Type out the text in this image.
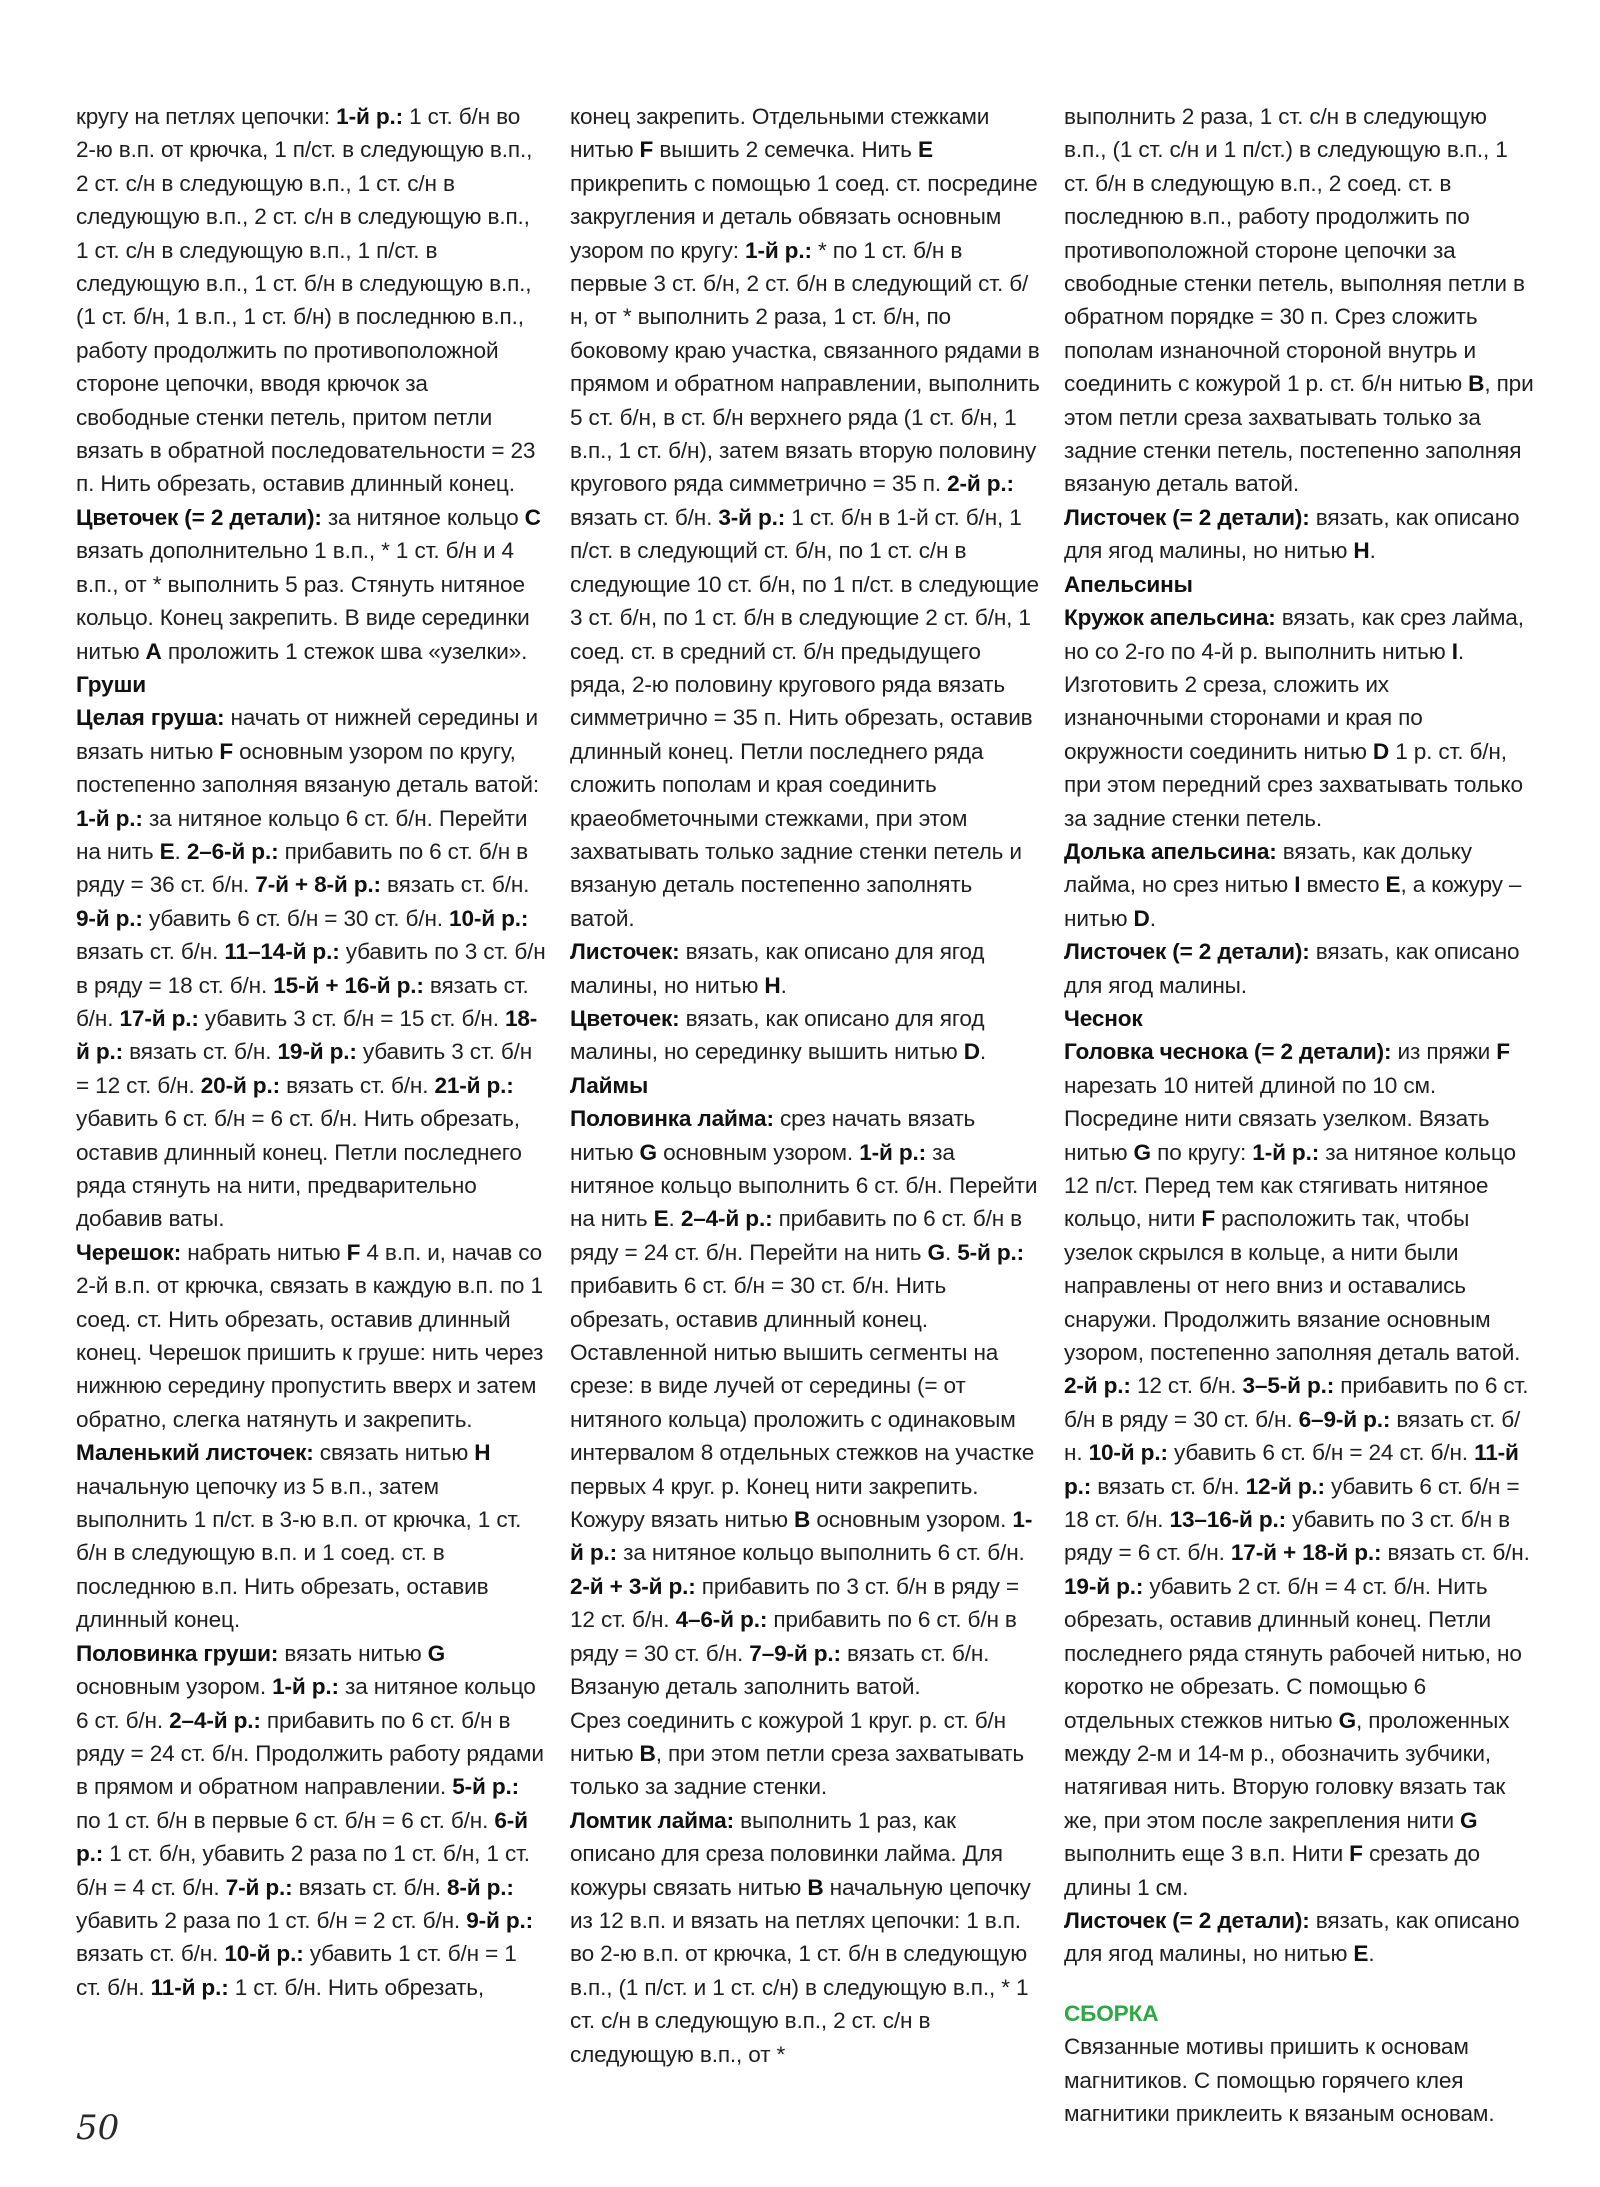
кругу на петлях цепочки: 1-й р.: 1 ст. б/н во 2-ю в.п. от крючка, 1 п/ст. в следующую в.п., 2 ст. с/н в следующую в.п., 1 ст. с/н в следующую в.п., 2 ст. с/н в следующую в.п., 1 ст. с/н в следующую в.п., 1 п/ст. в следующую в.п., 1 ст. б/н в следующую в.п., (1 ст. б/н, 1 в.п., 1 ст. б/н) в последнюю в.п., работу продолжить по противоположной стороне цепочки, вводя крючок за свободные стенки петель, притом петли вязать в обратной последовательности = 23 п. Нить обрезать, оставив длинный конец.

Цветочек (= 2 детали): за нитяное кольцо C вязать дополнительно 1 в.п., * 1 ст. б/н и 4 в.п., от * выполнить 5 раз. Стянуть нитяное кольцо. Конец закрепить. В виде серединки нитью A проложить 1 стежок шва «узелки».

Груши

Целая груша: начать от нижней середины и вязать нитью F основным узором по кругу, постепенно заполняя вязаную деталь ватой: 1-й р.: за нитяное кольцо 6 ст. б/н. Перейти на нить E. 2–6-й р.: прибавить по 6 ст. б/н в ряду = 36 ст. б/н. 7-й + 8-й р.: вязать ст. б/н. 9-й р.: убавить 6 ст. б/н = 30 ст. б/н. 10-й р.: вязать ст. б/н. 11–14-й р.: убавить по 3 ст. б/н в ряду = 18 ст. б/н. 15-й + 16-й р.: вязать ст. б/н. 17-й р.: убавить 3 ст. б/н = 15 ст. б/н. 18-й р.: вязать ст. б/н. 19-й р.: убавить 3 ст. б/н = 12 ст. б/н. 20-й р.: вязать ст. б/н. 21-й р.: убавить 6 ст. б/н = 6 ст. б/н. Нить обрезать, оставив длинный конец. Петли последнего ряда стянуть на нити, предварительно добавив ваты.

Черешок: набрать нитью F 4 в.п. и, начав со 2-й в.п. от крючка, связать в каждую в.п. по 1 соед. ст. Нить обрезать, оставив длинный конец. Черешок пришить к груше: нить через нижнюю середину пропустить вверх и затем обратно, слегка натянуть и закрепить.

Маленький листочек: связать нитью H начальную цепочку из 5 в.п., затем выполнить 1 п/ст. в 3-ю в.п. от крючка, 1 ст. б/н в следующую в.п. и 1 соед. ст. в последнюю в.п. Нить обрезать, оставив длинный конец.

Половинка груши: вязать нитью G основным узором. 1-й р.: за нитяное кольцо 6 ст. б/н. 2–4-й р.: прибавить по 6 ст. б/н в ряду = 24 ст. б/н. Продолжить работу рядами в прямом и обратном направлении. 5-й р.: по 1 ст. б/н в первые 6 ст. б/н = 6 ст. б/н. 6-й р.: 1 ст. б/н, убавить 2 раза по 1 ст. б/н, 1 ст. б/н = 4 ст. б/н. 7-й р.: вязать ст. б/н. 8-й р.: убавить 2 раза по 1 ст. б/н = 2 ст. б/н. 9-й р.: вязать ст. б/н. 10-й р.: убавить 1 ст. б/н = 1 ст. б/н. 11-й р.: 1 ст. б/н. Нить обрезать,

конец закрепить. Отдельными стежками нитью F вышить 2 семечка. Нить E прикрепить с помощью 1 соед. ст. посредине закругления и деталь обвязать основным узором по кругу: 1-й р.: * по 1 ст. б/н в первые 3 ст. б/н, 2 ст. б/н в следующий ст. б/н, от * выполнить 2 раза, 1 ст. б/н, по боковому краю участка, связанного рядами в прямом и обратном направлении, выполнить 5 ст. б/н, в ст. б/н верхнего ряда (1 ст. б/н, 1 в.п., 1 ст. б/н), затем вязать вторую половину кругового ряда симметрично = 35 п. 2-й р.: вязать ст. б/н. 3-й р.: 1 ст. б/н в 1-й ст. б/н, 1 п/ст. в следующий ст. б/н, по 1 ст. с/н в следующие 10 ст. б/н, по 1 п/ст. в следующие 3 ст. б/н, по 1 ст. б/н в следующие 2 ст. б/н, 1 соед. ст. в средний ст. б/н предыдущего ряда, 2-ю половину кругового ряда вязать симметрично = 35 п. Нить обрезать, оставив длинный конец. Петли последнего ряда сложить пополам и края соединить краеобметочными стежками, при этом захватывать только задние стенки петель и вязаную деталь постепенно заполнять ватой.

Листочек: вязать, как описано для ягод малины, но нитью H.

Цветочек: вязать, как описано для ягод малины, но серединку вышить нитью D.

Лаймы

Половинка лайма: срез начать вязать нитью G основным узором. 1-й р.: за нитяное кольцо выполнить 6 ст. б/н. Перейти на нить E. 2–4-й р.: прибавить по 6 ст. б/н в ряду = 24 ст. б/н. Перейти на нить G. 5-й р.: прибавить 6 ст. б/н = 30 ст. б/н. Нить обрезать, оставив длинный конец. Оставленной нитью вышить сегменты на срезе: в виде лучей от середины (= от нитяного кольца) проложить с одинаковым интервалом 8 отдельных стежков на участке первых 4 круг. р. Конец нити закрепить.

Кожуру вязать нитью B основным узором. 1-й р.: за нитяное кольцо выполнить 6 ст. б/н. 2-й + 3-й р.: прибавить по 3 ст. б/н в ряду = 12 ст. б/н. 4–6-й р.: прибавить по 6 ст. б/н в ряду = 30 ст. б/н. 7–9-й р.: вязать ст. б/н. Вязаную деталь заполнить ватой.

Срез соединить с кожурой 1 круг. р. ст. б/н нитью B, при этом петли среза захватывать только за задние стенки.

Ломтик лайма: выполнить 1 раз, как описано для среза половинки лайма. Для кожуры связать нитью B начальную цепочку из 12 в.п. и вязать на петлях цепочки: 1 в.п. во 2-ю в.п. от крючка, 1 ст. б/н в следующую в.п., (1 п/ст. и 1 ст. с/н) в следующую в.п., * 1 ст. с/н в следующую в.п., 2 ст. с/н в следующую в.п., от *

выполнить 2 раза, 1 ст. с/н в следующую в.п., (1 ст. с/н и 1 п/ст.) в следующую в.п., 1 ст. б/н в следующую в.п., 2 соед. ст. в последнюю в.п., работу продолжить по противоположной стороне цепочки за свободные стенки петель, выполняя петли в обратном порядке = 30 п. Срез сложить пополам изнаночной стороной внутрь и соединить с кожурой 1 р. ст. б/н нитью B, при этом петли среза захватывать только за задние стенки петель, постепенно заполняя вязаную деталь ватой.

Листочек (= 2 детали): вязать, как описано для ягод малины, но нитью H.

Апельсины

Кружок апельсина: вязать, как срез лайма, но со 2-го по 4-й р. выполнить нитью I. Изготовить 2 среза, сложить их изнаночными сторонами и края по окружности соединить нитью D 1 р. ст. б/н, при этом передний срез захватывать только за задние стенки петель.

Долька апельсина: вязать, как дольку лайма, но срез нитью I вместо E, а кожуру – нитью D.

Листочек (= 2 детали): вязать, как описано для ягод малины.

Чеснок

Головка чеснока (= 2 детали): из пряжи F нарезать 10 нитей длиной по 10 см. Посредине нити связать узелком. Вязать нитью G по кругу: 1-й р.: за нитяное кольцо 12 п/ст. Перед тем как стягивать нитяное кольцо, нити F расположить так, чтобы узелок скрылся в кольце, а нити были направлены от него вниз и оставались снаружи. Продолжить вязание основным узором, постепенно заполняя деталь ватой. 2-й р.: 12 ст. б/н. 3–5-й р.: прибавить по 6 ст. б/н в ряду = 30 ст. б/н. 6–9-й р.: вязать ст. б/н. 10-й р.: убавить 6 ст. б/н = 24 ст. б/н. 11-й р.: вязать ст. б/н. 12-й р.: убавить 6 ст. б/н = 18 ст. б/н. 13–16-й р.: убавить по 3 ст. б/н в ряду = 6 ст. б/н. 17-й + 18-й р.: вязать ст. б/н. 19-й р.: убавить 2 ст. б/н = 4 ст. б/н. Нить обрезать, оставив длинный конец. Петли последнего ряда стянуть рабочей нитью, но коротко не обрезать. С помощью 6 отдельных стежков нитью G, проложенных между 2-м и 14-м р., обозначить зубчики, натягивая нить. Вторую головку вязать так же, при этом после закрепления нити G выполнить еще 3 в.п. Нити F срезать до длины 1 см.

Листочек (= 2 детали): вязать, как описано для ягод малины, но нитью E.

СБОРКА

Связанные мотивы пришить к основам магнитиков. С помощью горячего клея магнитики приклеить к вязаным основам.

50
